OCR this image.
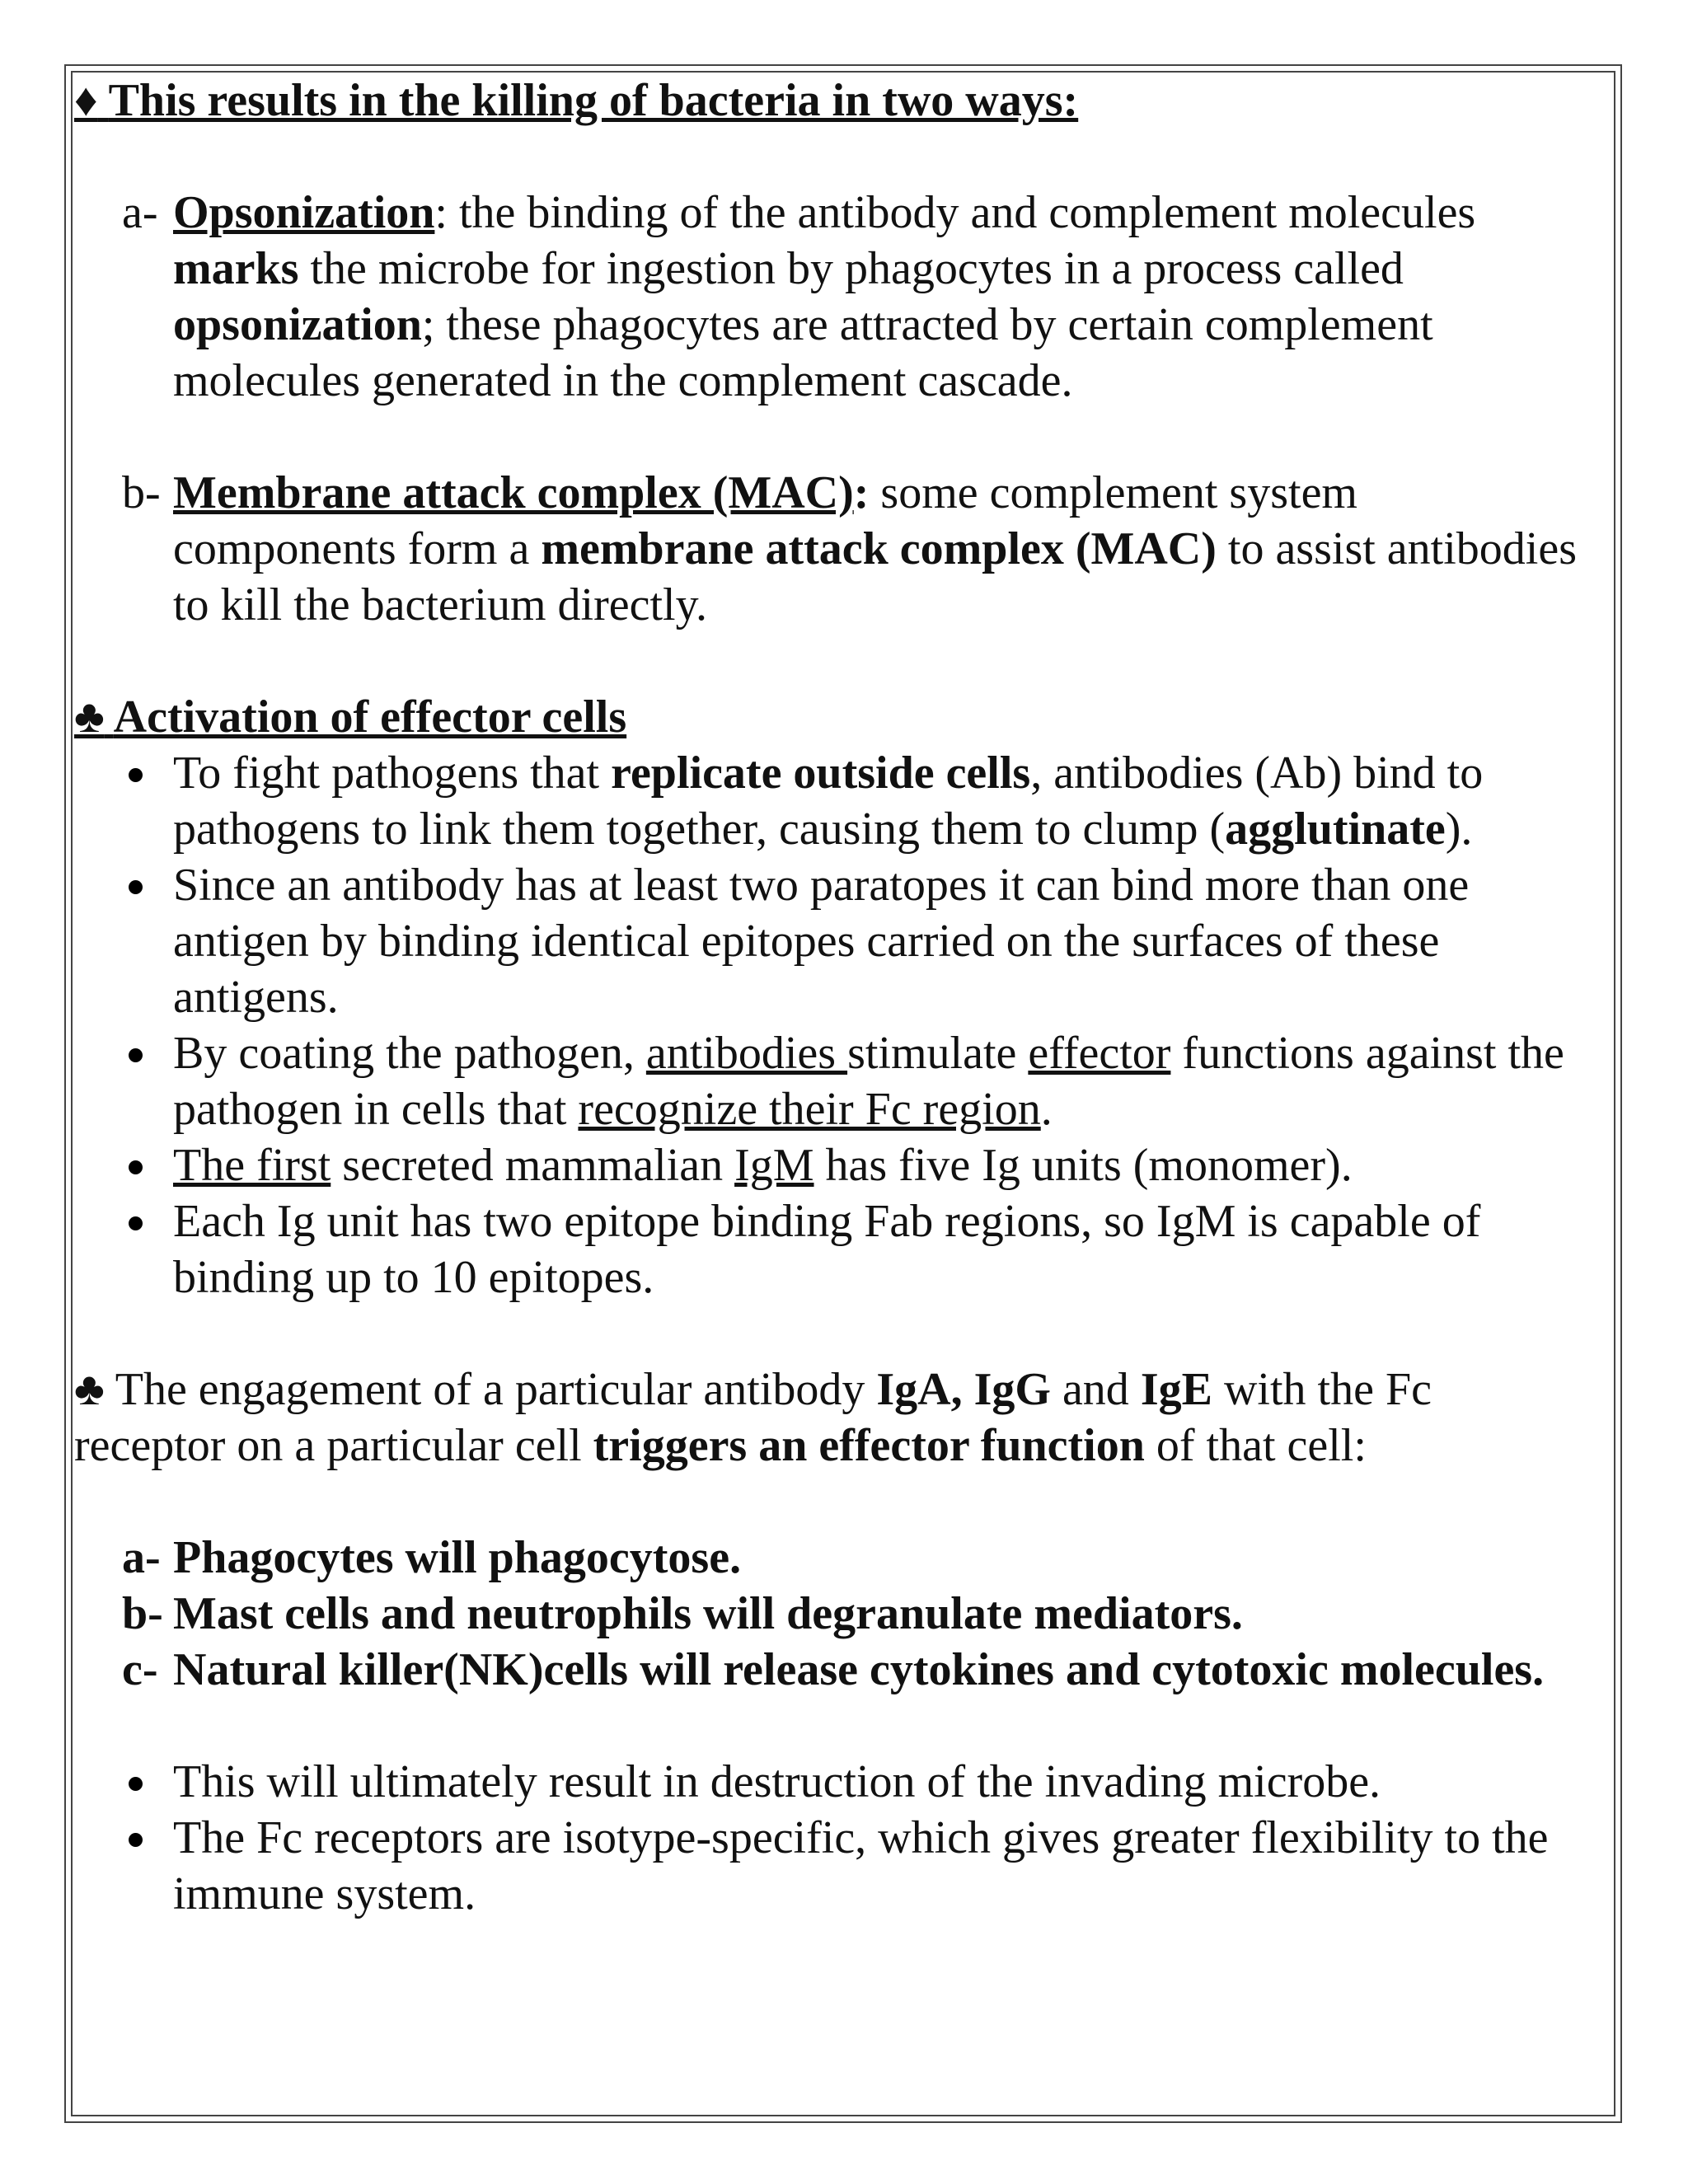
♦ This results in the killing of bacteria in two ways:
a- Opsonization: the binding of the antibody and complement molecules marks the microbe for ingestion by phagocytes in a process called opsonization; these phagocytes are attracted by certain complement molecules generated in the complement cascade.
b- Membrane attack complex (MAC): some complement system components form a membrane attack complex (MAC) to assist antibodies to kill the bacterium directly.
♣ Activation of effector cells
To fight pathogens that replicate outside cells, antibodies (Ab) bind to pathogens to link them together, causing them to clump (agglutinate).
Since an antibody has at least two paratopes it can bind more than one antigen by binding identical epitopes carried on the surfaces of these antigens.
By coating the pathogen, antibodies stimulate effector functions against the pathogen in cells that recognize their Fc region.
The first secreted mammalian IgM has five Ig units (monomer).
Each Ig unit has two epitope binding Fab regions, so IgM is capable of binding up to 10 epitopes.
♣ The engagement of a particular antibody IgA, IgG and IgE with the Fc receptor on a particular cell triggers an effector function of that cell:
a- Phagocytes will phagocytose.
b- Mast cells and neutrophils will degranulate mediators.
c- Natural killer(NK)cells will release cytokines and cytotoxic molecules.
This will ultimately result in destruction of the invading microbe.
The Fc receptors are isotype-specific, which gives greater flexibility to the immune system.
